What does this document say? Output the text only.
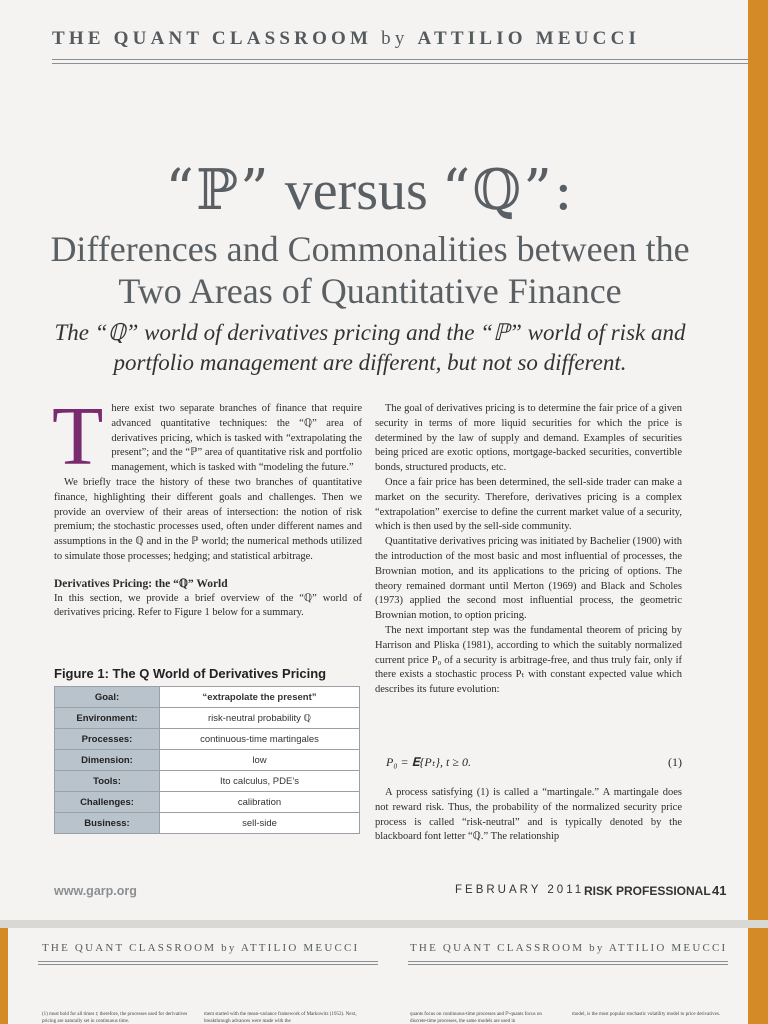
THE QUANT CLASSROOM by ATTILIO MEUCCI
“ℙ” versus “ℚ”:
Differences and Commonalities between the Two Areas of Quantitative Finance
The “ℚ” world of derivatives pricing and the “ℙ” world of risk and portfolio management are different, but not so different.

There exist two separate branches of finance that require advanced quantitative techniques: the “ℚ” area of derivatives pricing, which is tasked with “extrapolating the present”; and the “ℙ” area of quantitative risk and portfolio management, which is tasked with “modeling the future.”

We briefly trace the history of these two branches of quantitative finance, highlighting their different goals and challenges. Then we provide an overview of their areas of intersection: the notion of risk premium; the stochastic processes used, often under different names and assumptions in the ℚ and in the ℙ world; the numerical methods utilized to simulate those processes; hedging; and statistical arbitrage.

Derivatives Pricing: the “ℚ” World

In this section, we provide a brief overview of the “ℚ” world of derivatives pricing. Refer to Figure 1 below for a summary.

Figure 1: The Q World of Derivatives Pricing
Goal:	“extrapolate the present”
Environment:	risk-neutral probability ℚ
Processes:	continuous-time martingales
Dimension:	low
Tools:	Ito calculus, PDE’s
Challenges:	calibration
Business:	sell-side

The goal of derivatives pricing is to determine the fair price of a given security in terms of more liquid securities for which the price is determined by the law of supply and demand. Examples of securities being priced are exotic options, mortgage-backed securities, convertible bonds, structured products, etc.

Once a fair price has been determined, the sell-side trader can make a market on the security. Therefore, derivatives pricing is a complex “extrapolation” exercise to define the current market value of a security, which is then used by the sell-side community.

Quantitative derivatives pricing was initiated by Bachelier (1900) with the introduction of the most basic and most influential of processes, the Brownian motion, and its applications to the pricing of options. The theory remained dormant until Merton (1969) and Black and Scholes (1973) applied the second most influential process, the geometric Brownian motion, to option pricing.

The next important step was the fundamental theorem of pricing by Harrison and Pliska (1981), according to which the suitably normalized current price P₀ of a security is arbitrage-free, and thus truly fair, only if there exists a stochastic process Pₜ with constant expected value which describes its future evolution:

P₀ = 𝐄{Pₜ}, t ≥ 0.	(1)

A process satisfying (1) is called a “martingale.” A martingale does not reward risk. Thus, the probability of the normalized security price process is called “risk-neutral” and is typically denoted by the blackboard font letter “ℚ.” The relationship

www.garp.org	FEBRUARY 2011 RISK PROFESSIONAL 41
THE QUANT CLASSROOM by ATTILIO MEUCCI	THE QUANT CLASSROOM by ATTILIO MEUCCI
(1) must hold for all times t; therefore, the processes used for derivatives pricing are naturally set in continuous time.
ment started with the mean-variance framework of Markowitz (1952). Next, breakthrough advances were made with the
quants focus on continuous-time processes and ℙ-quants focus on discrete-time processes, the same models are used in
model, is the most popular stochastic volatility model to price derivatives.
